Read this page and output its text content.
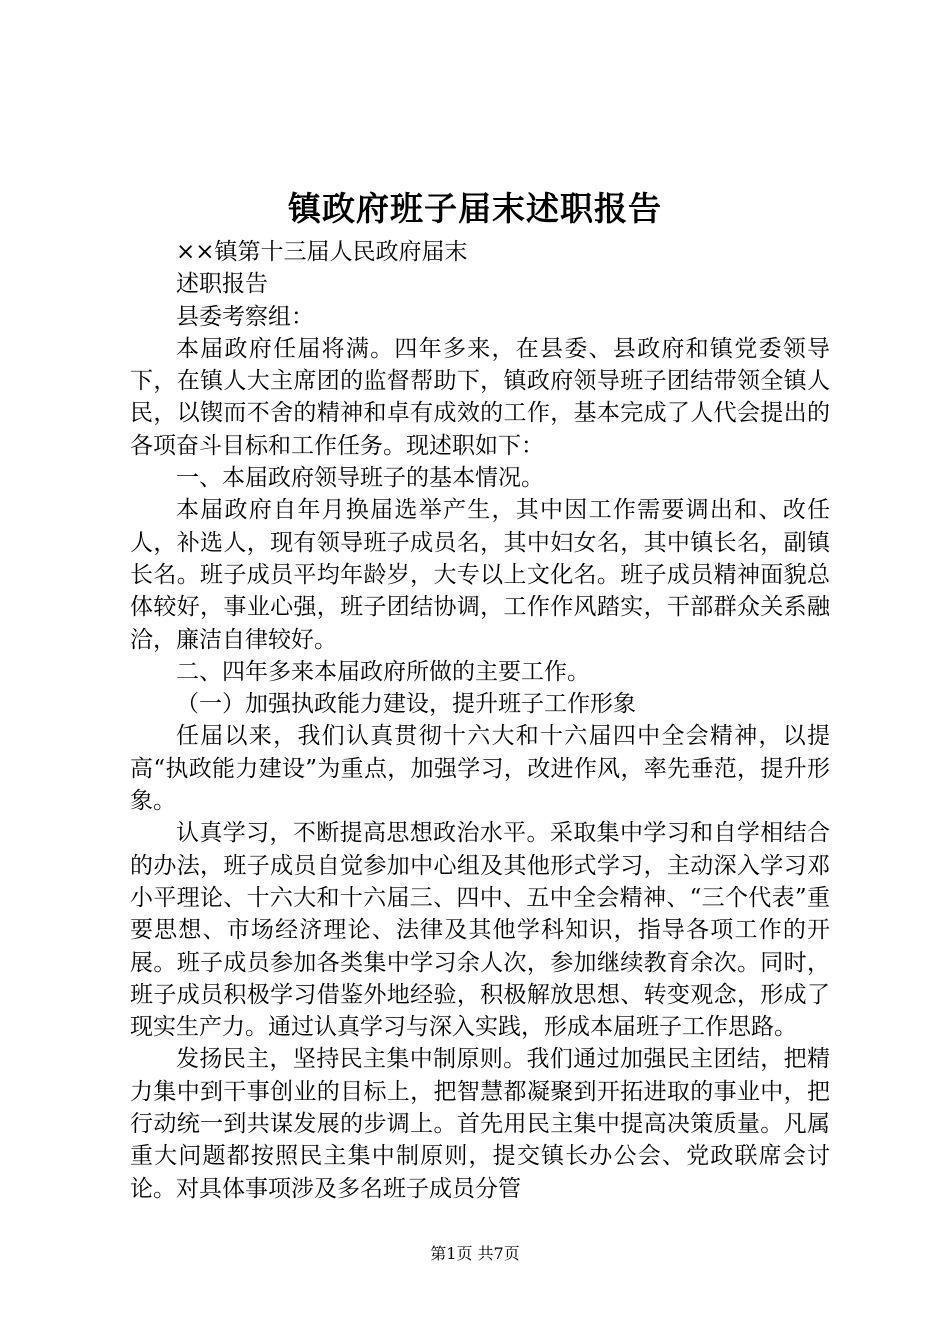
镇政府班子届末述职报告

××镇第十三届人民政府届末

述职报告

县委考察组：

本届政府任届将满。四年多来，在县委、县政府和镇党委领导下，在镇人大主席团的监督帮助下，镇政府领导班子团结带领全镇人民，以锲而不舍的精神和卓有成效的工作，基本完成了人代会提出的各项奋斗目标和工作任务。现述职如下：

一、本届政府领导班子的基本情况。

本届政府自年月换届选举产生，其中因工作需要调出和、改任人，补选人，现有领导班子成员名，其中妇女名，其中镇长名，副镇长名。班子成员平均年龄岁，大专以上文化名。班子成员精神面貌总体较好，事业心强，班子团结协调，工作作风踏实，干部群众关系融洽，廉洁自律较好。

二、四年多来本届政府所做的主要工作。

（一）加强执政能力建设，提升班子工作形象

任届以来，我们认真贯彻十六大和十六届四中全会精神，以提高“执政能力建设”为重点，加强学习，改进作风，率先垂范，提升形象。

认真学习，不断提高思想政治水平。采取集中学习和自学相结合的办法，班子成员自觉参加中心组及其他形式学习，主动深入学习邓小平理论、十六大和十六届三、四中、五中全会精神、“三个代表”重要思想、市场经济理论、法律及其他学科知识，指导各项工作的开展。班子成员参加各类集中学习余人次，参加继续教育余次。同时，班子成员积极学习借鉴外地经验，积极解放思想、转变观念，形成了现实生产力。通过认真学习与深入实践，形成本届班子工作思路。

发扬民主，坚持民主集中制原则。我们通过加强民主团结，把精力集中到干事创业的目标上，把智慧都凝聚到开拓进取的事业中，把行动统一到共谋发展的步调上。首先用民主集中提高决策质量。凡属重大问题都按照民主集中制原则，提交镇长办公会、党政联席会讨论。对具体事项涉及多名班子成员分管

第1页 共7页
